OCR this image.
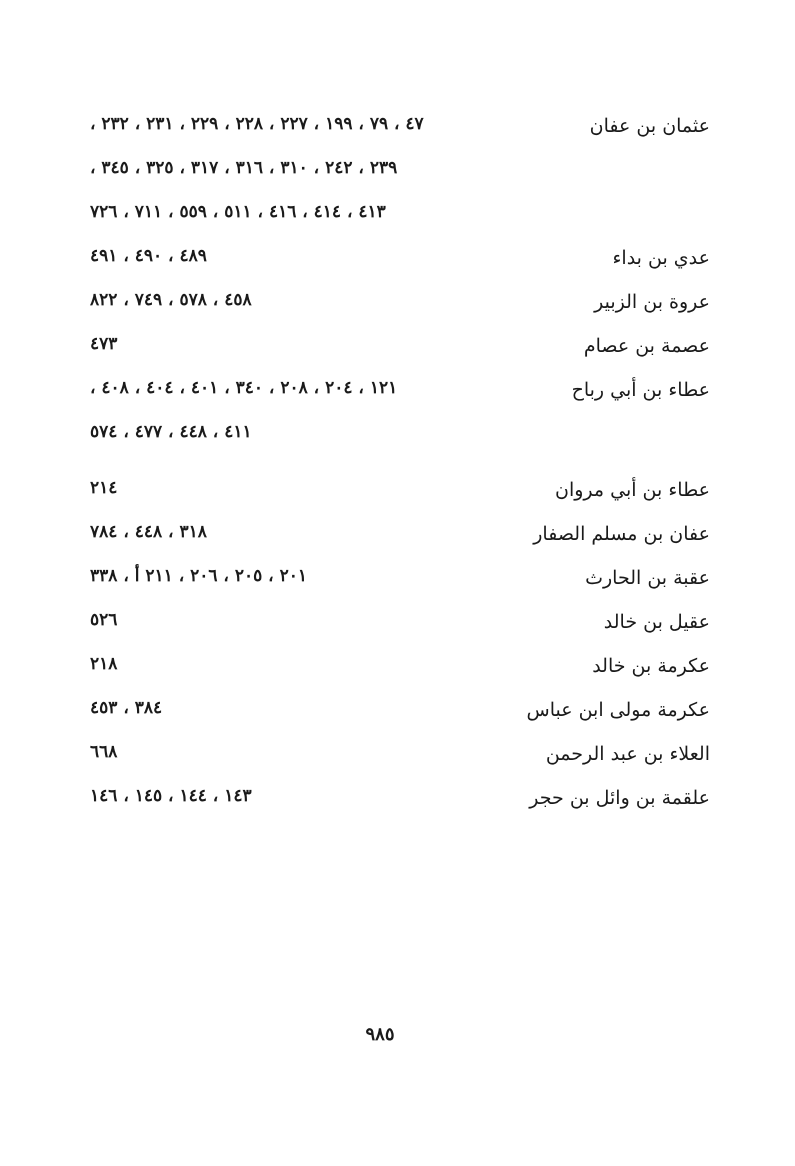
عثمان بن عفان
٤٧ ، ٧٩ ، ١٩٩ ، ٢٢٧ ، ٢٢٨ ، ٢٢٩ ، ٢٣١ ، ٢٣٢ ،
٢٣٩ ، ٢٤٢ ، ٣١٠ ، ٣١٦ ، ٣١٧ ، ٣٢٥ ، ٣٤٥ ،
٤١٣ ، ٤١٤ ، ٤١٦ ، ٥١١ ، ٥٥٩ ، ٧١١ ، ٧٢٦
عدي بن بداء
٤٨٩ ، ٤٩٠ ، ٤٩١
عروة بن الزبير
٤٥٨ ، ٥٧٨ ، ٧٤٩ ، ٨٢٢
عصمة بن عصام
٤٧٣
عطاء بن أبي رباح
١٢١ ، ٢٠٤ ، ٢٠٨ ، ٣٤٠ ، ٤٠١ ، ٤٠٤ ، ٤٠٨ ،
٤١١ ، ٤٤٨ ، ٤٧٧ ، ٥٧٤
عطاء بن أبي مروان
٢١٤
عفان بن مسلم الصفار
٣١٨ ، ٤٤٨ ، ٧٨٤
عقبة بن الحارث
٢٠١ ، ٢٠٥ ، ٢٠٦ ، ٢١١ أ ، ٣٣٨
عقيل بن خالد
٥٢٦
عكرمة بن خالد
٢١٨
عكرمة مولى ابن عباس
٣٨٤ ، ٤٥٣
العلاء بن عبد الرحمن
٦٦٨
علقمة بن وائل بن حجر
١٤٣ ، ١٤٤ ، ١٤٥ ، ١٤٦
٩٨٥
